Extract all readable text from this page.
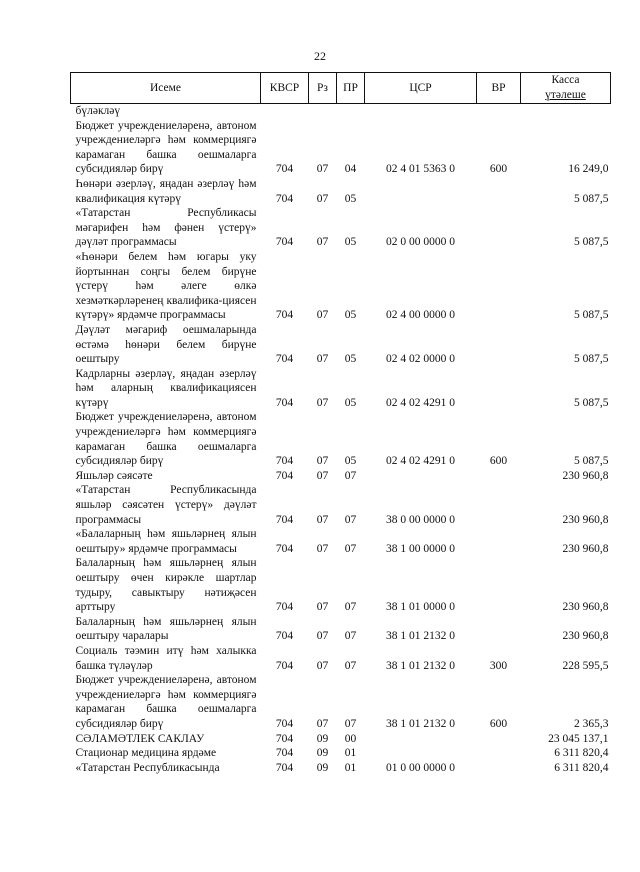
22
Исеме	КВСР	Рз	ПР	ЦСР	ВР	Касса
үтәлеше

бүләкләү						
Бюджет учреждениеләренә, автоном учреждениеләргә һәм коммерциягә карамаган башка оешмаларга субсидияләр бирү	704	07	04	02 4 01 5363 0	600	16 249,0
Һөнәри әзерләү, яңадан әзерләү һәм квалификация күтәрү	704	07	05			5 087,5
«Татарстан Республикасы мәгарифен һәм фәнен үстерү» дәүләт программасы	704	07	05	02 0 00 0000 0		5 087,5
«Һөнәри белем һәм югары уку йортыннан соңгы белем бирүне үстерү һәм әлеге өлкә хезмәткәрләренең квалифика-циясен күтәрү» ярдәмче программасы	704	07	05	02 4 00 0000 0		5 087,5
Дәүләт мәгариф оешмаларында өстәмә һөнәри белем бирүне оештыру	704	07	05	02 4 02 0000 0		5 087,5
Кадрларны әзерләү, яңадан әзерләү һәм аларның квалификациясен күтәрү	704	07	05	02 4 02 4291 0		5 087,5
Бюджет учреждениеләренә, автоном учреждениеләргә һәм коммерциягә карамаган башка оешмаларга субсидияләр бирү	704	07	05	02 4 02 4291 0	600	5 087,5
Яшьләр сәясәте	704	07	07			230 960,8
«Татарстан Республикасында яшьләр сәясәтен үстерү» дәүләт программасы	704	07	07	38 0 00 0000 0		230 960,8
«Балаларның һәм яшьләрнең ялын оештыру» ярдәмче программасы	704	07	07	38 1 00 0000 0		230 960,8
Балаларның һәм яшьләрнең ялын оештыру өчен кирәкле шартлар тудыру, савыктыру нәтиҗәсен арттыру	704	07	07	38 1 01 0000 0		230 960,8
Балаларның һәм яшьләрнең ялын оештыру чаралары	704	07	07	38 1 01 2132 0		230 960,8
Социаль тәэмин итү һәм халыкка башка түләүләр	704	07	07	38 1 01 2132 0	300	228 595,5
Бюджет учреждениеләренә, автоном учреждениеләргә һәм коммерциягә карамаган башка оешмаларга субсидияләр бирү	704	07	07	38 1 01 2132 0	600	2 365,3
СӘЛАМӘТЛЕК САКЛАУ	704	09	00			23 045 137,1
Стационар медицина ярдәме	704	09	01			6 311 820,4
«Татарстан Республикасында	704	09	01	01 0 00 0000 0		6 311 820,4
